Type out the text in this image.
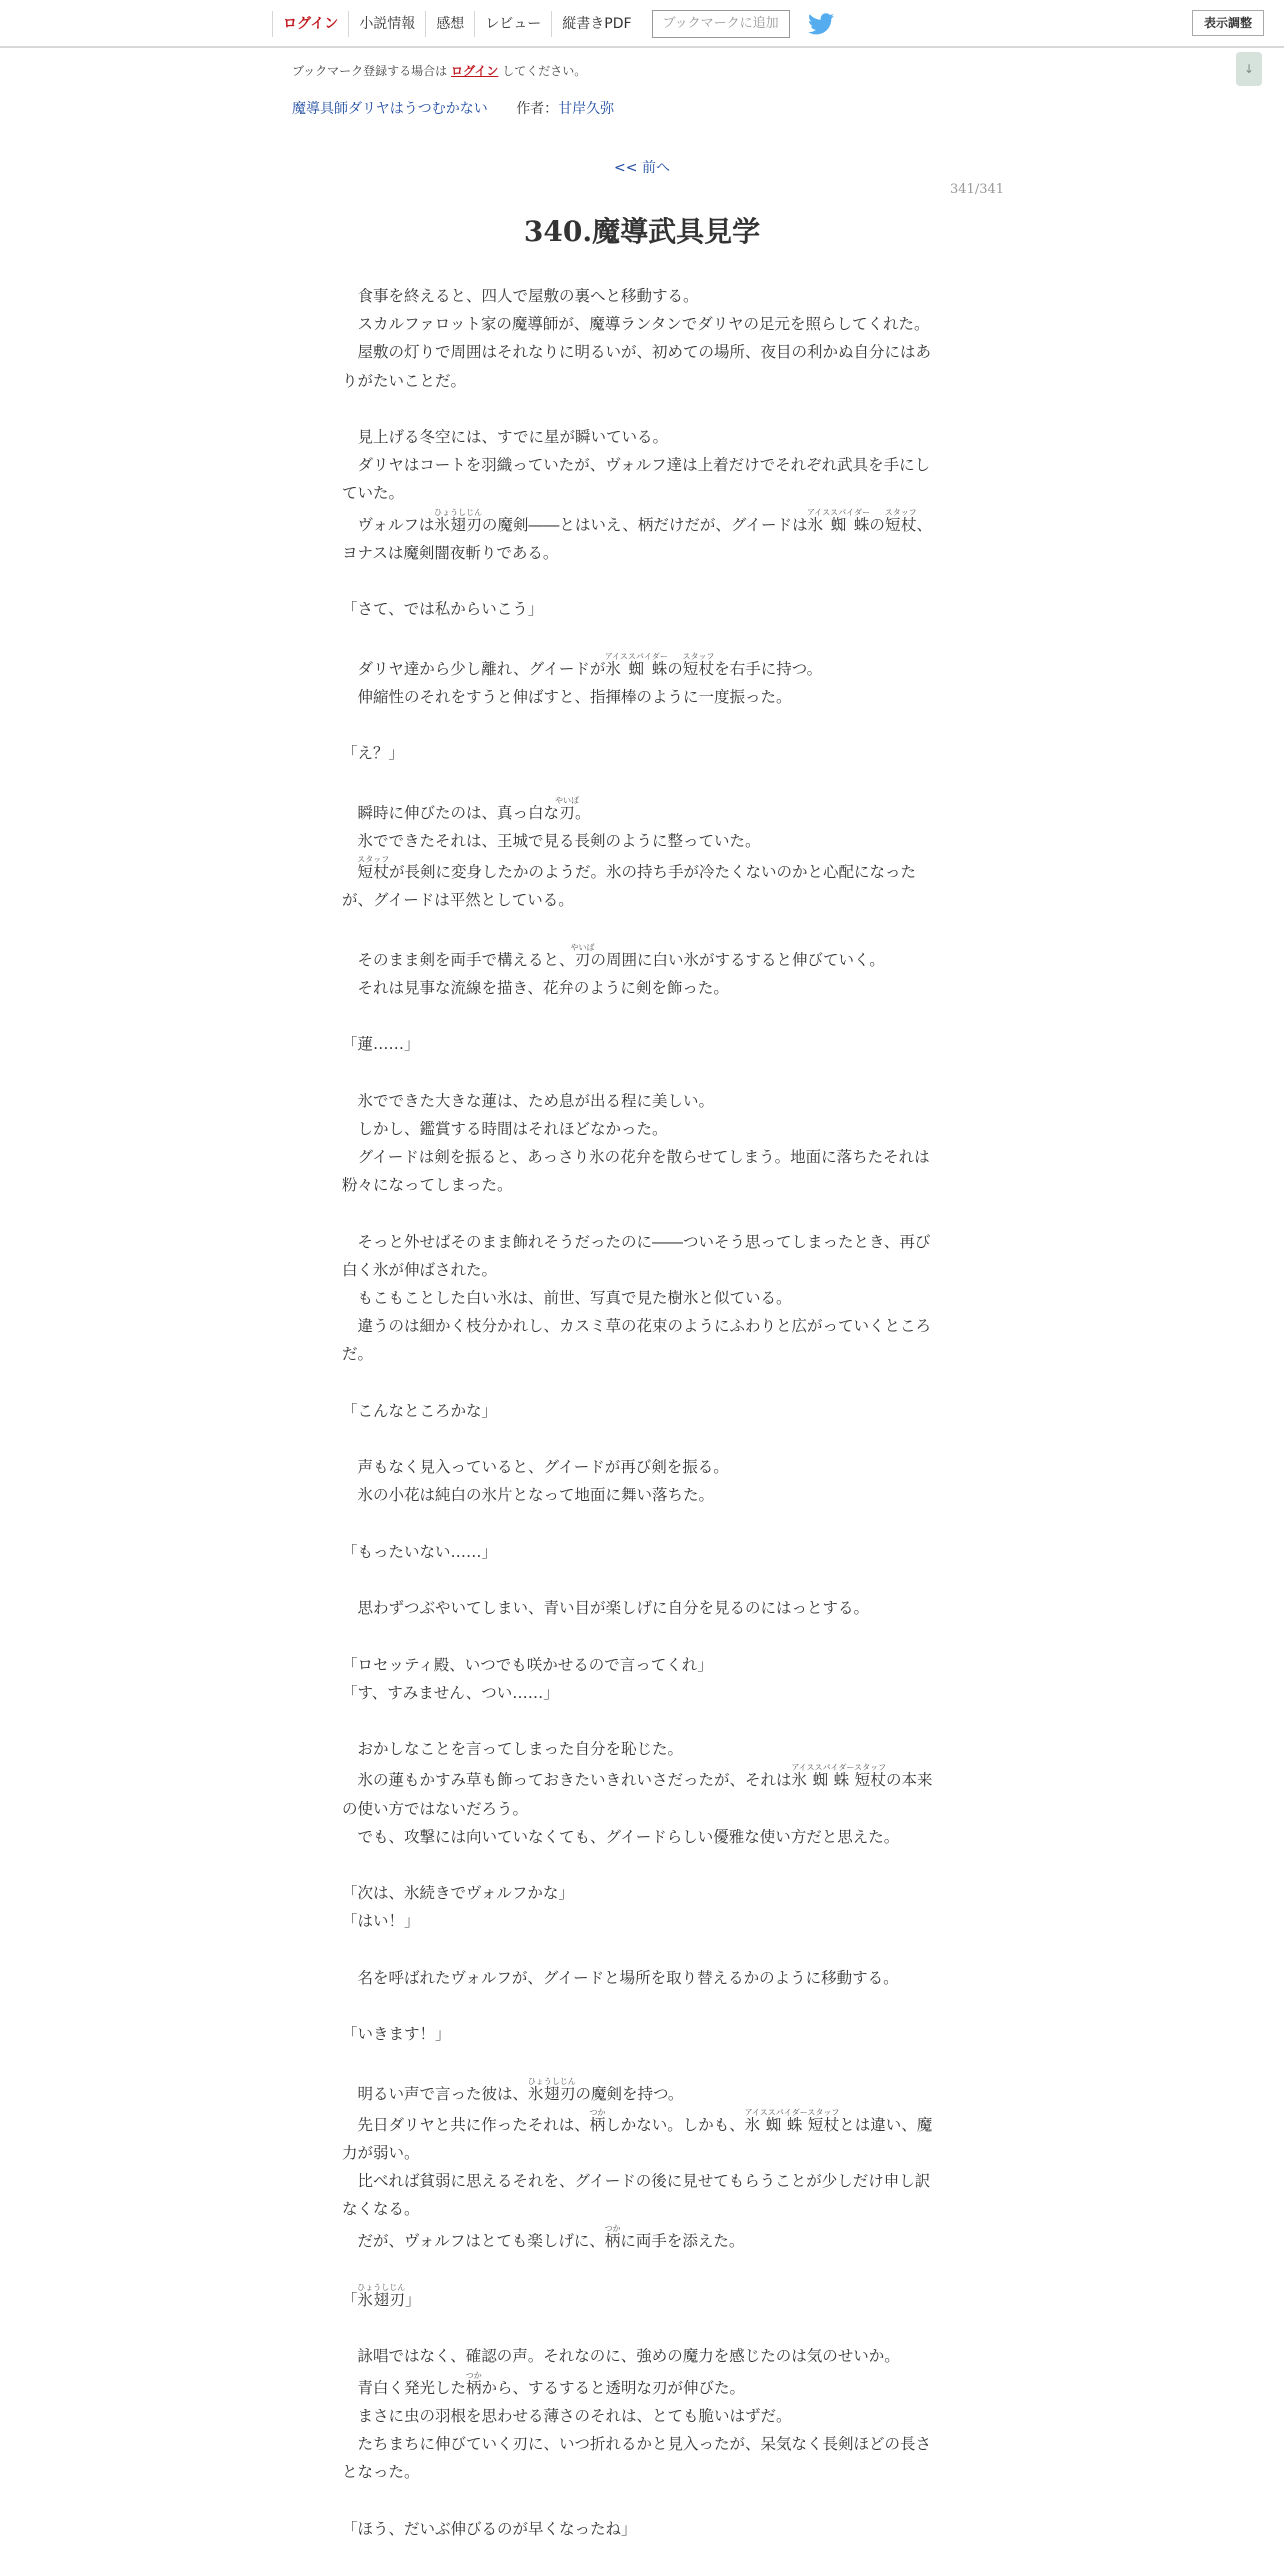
ログイン	小説情報	感想	レビュー	縦書きPDF	ブックマークに追加	表示調整
↓
ブックマーク登録する場合は ログイン してください。
魔導具師ダリヤはうつむかない 作者：甘岸久弥
<< 前へ
341/341
340.魔導武具見学

　食事を終えると、四人で屋敷の裏へと移動する。

　スカルファロット家の魔導師が、魔導ランタンでダリヤの足元を照らしてくれた。

　屋敷の灯りで周囲はそれなりに明るいが、初めての場所、夜目の利かぬ自分にはありがたいことだ。

　見上げる冬空には、すでに星が瞬いている。

　ダリヤはコートを羽織っていたが、ヴォルフ達は上着だけでそれぞれ武具を手にしていた。

　ヴォルフは氷翅刃ひょうしじんの魔剣――とはいえ、柄だけだが、グイードは氷 蜘 蛛アイススパイダーの短杖スタッフ、ヨナスは魔剣闇夜斬りである。

「さて、では私からいこう」

　ダリヤ達から少し離れ、グイードが氷 蜘 蛛アイススパイダーの短杖スタッフを右手に持つ。

　伸縮性のそれをすうと伸ばすと、指揮棒のように一度振った。

「え？」

　瞬時に伸びたのは、真っ白な刃やいば。

　氷でできたそれは、王城で見る長剣のように整っていた。

　短杖スタッフが長剣に変身したかのようだ。氷の持ち手が冷たくないのかと心配になったが、グイードは平然としている。

　そのまま剣を両手で構えると、刃やいばの周囲に白い氷がするすると伸びていく。

　それは見事な流線を描き、花弁のように剣を飾った。

「蓮……」

　氷でできた大きな蓮は、ため息が出る程に美しい。

　しかし、鑑賞する時間はそれほどなかった。

　グイードは剣を振ると、あっさり氷の花弁を散らせてしまう。地面に落ちたそれは粉々になってしまった。

　そっと外せばそのまま飾れそうだったのに――ついそう思ってしまったとき、再び白く氷が伸ばされた。

　もこもことした白い氷は、前世、写真で見た樹氷と似ている。

　違うのは細かく枝分かれし、カスミ草の花束のようにふわりと広がっていくところだ。

「こんなところかな」

　声もなく見入っていると、グイードが再び剣を振る。

　氷の小花は純白の氷片となって地面に舞い落ちた。

「もったいない……」

　思わずつぶやいてしまい、青い目が楽しげに自分を見るのにはっとする。

「ロセッティ殿、いつでも咲かせるので言ってくれ」

「す、すみません、つい……」

　おかしなことを言ってしまった自分を恥じた。

　氷の蓮もかすみ草も飾っておきたいきれいさだったが、それは氷 蜘 蛛 短杖アイススパイダースタッフの本来の使い方ではないだろう。

　でも、攻撃には向いていなくても、グイードらしい優雅な使い方だと思えた。

「次は、氷続きでヴォルフかな」

「はい！」

　名を呼ばれたヴォルフが、グイードと場所を取り替えるかのように移動する。

「いきます！」

　明るい声で言った彼は、氷翅刃ひょうしじんの魔剣を持つ。

　先日ダリヤと共に作ったそれは、柄つかしかない。しかも、氷 蜘 蛛 短杖アイススパイダースタッフとは違い、魔力が弱い。

　比べれば貧弱に思えるそれを、グイードの後に見せてもらうことが少しだけ申し訳なくなる。

　だが、ヴォルフはとても楽しげに、柄つかに両手を添えた。

「氷翅刃ひょうしじん」

　詠唱ではなく、確認の声。それなのに、強めの魔力を感じたのは気のせいか。

　青白く発光した柄つかから、するすると透明な刃が伸びた。

　まさに虫の羽根を思わせる薄さのそれは、とても脆いはずだ。

　たちまちに伸びていく刃に、いつ折れるかと見入ったが、呆気なく長剣ほどの長さとなった。

「ほう、だいぶ伸びるのが早くなったね」
